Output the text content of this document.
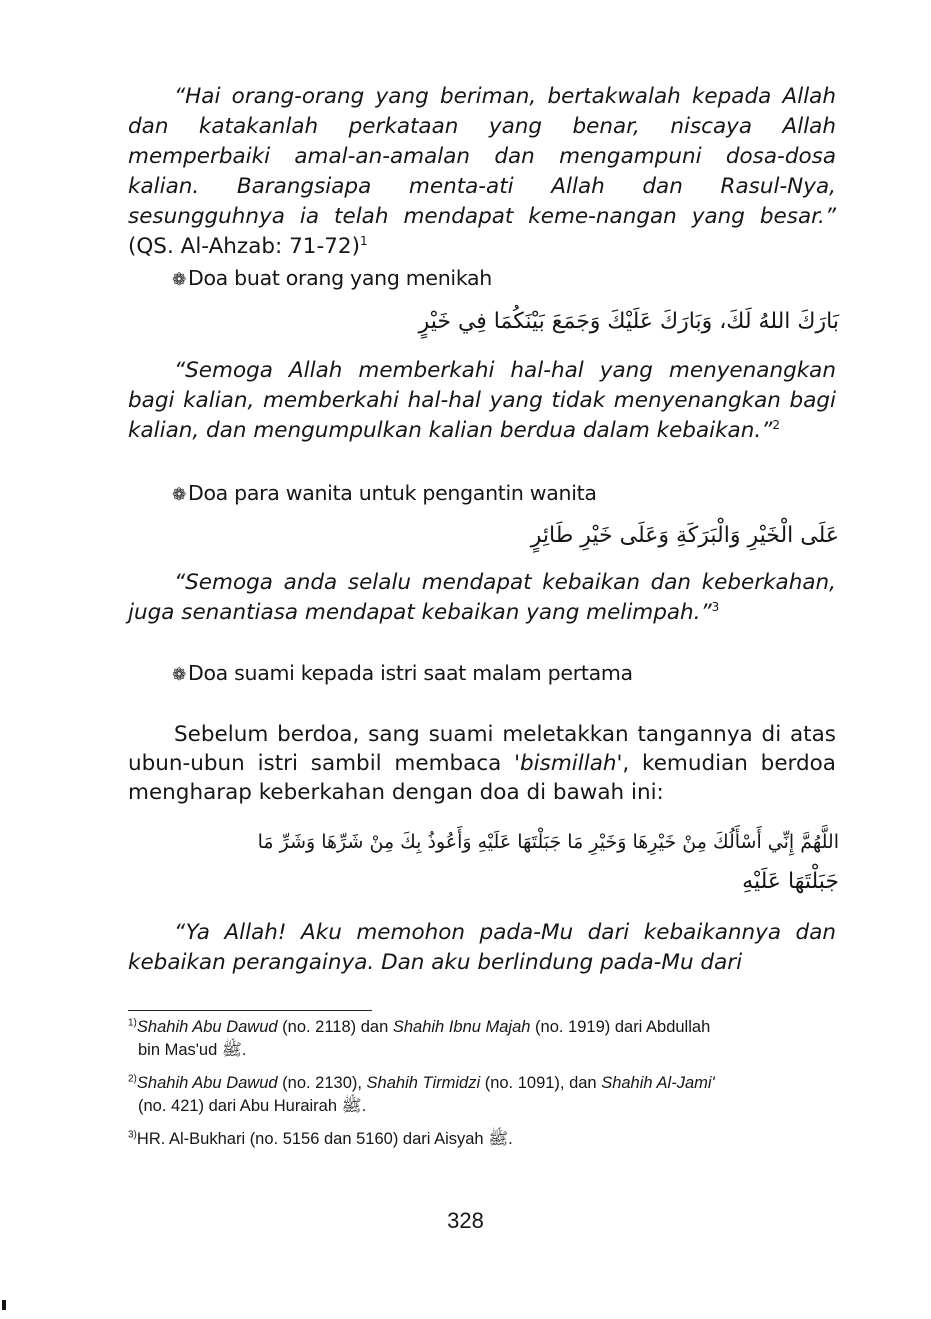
“Hai orang-orang yang beriman, bertakwalah kepada Allah dan katakanlah perkataan yang benar, niscaya Allah memperbaiki amal-an-amalan dan mengampuni dosa-dosa kalian. Barangsiapa menta-ati Allah dan Rasul-Nya, sesungguhnya ia telah mendapat keme-nangan yang besar.” (QS. Al-Ahzab: 71-72)$^1$

❁Doa buat orang yang menikah

بَارَكَ اللهُ لَكَ، وَبَارَكَ عَلَيْكَ وَجَمَعَ بَيْنَكُمَا فِي خَيْرٍ

“Semoga Allah memberkahi hal-hal yang menyenangkan bagi kalian, memberkahi hal-hal yang tidak menyenangkan bagi kalian, dan mengumpulkan kalian berdua dalam kebaikan.”$^2$

❁Doa para wanita untuk pengantin wanita

عَلَى الْخَيْرِ وَالْبَرَكَةِ وَعَلَى خَيْرِ طَائِرٍ

“Semoga anda selalu mendapat kebaikan dan keberkahan, juga senantiasa mendapat kebaikan yang melimpah.”$^3$

❁Doa suami kepada istri saat malam pertama

Sebelum berdoa, sang suami meletakkan tangannya di atas ubun-ubun istri sambil membaca 'bismillah', kemudian berdoa mengharap keberkahan dengan doa di bawah ini:

اللَّهُمَّ إِنِّي أَسْأَلُكَ مِنْ خَيْرِهَا وَخَيْرِ مَا جَبَلْتَهَا عَلَيْهِ وَأَعُوذُ بِكَ مِنْ شَرِّهَا وَشَرِّ مَا

جَبَلْتَهَا عَلَيْهِ

“Ya Allah! Aku memohon pada-Mu dari kebaikannya dan kebaikan perangainya. Dan aku berlindung pada-Mu dari

$^{1)}$Shahih Abu Dawud (no. 2118) dan Shahih Ibnu Majah (no. 1919) dari Abdullah
bin Mas'ud ﷺ.
$^{2)}$Shahih Abu Dawud (no. 2130), Shahih Tirmidzi (no. 1091), dan Shahih Al-Jami'
(no. 421) dari Abu Hurairah ﷺ.
$^{3)}$HR. Al-Bukhari (no. 5156 dan 5160) dari Aisyah ﷺ.

328
